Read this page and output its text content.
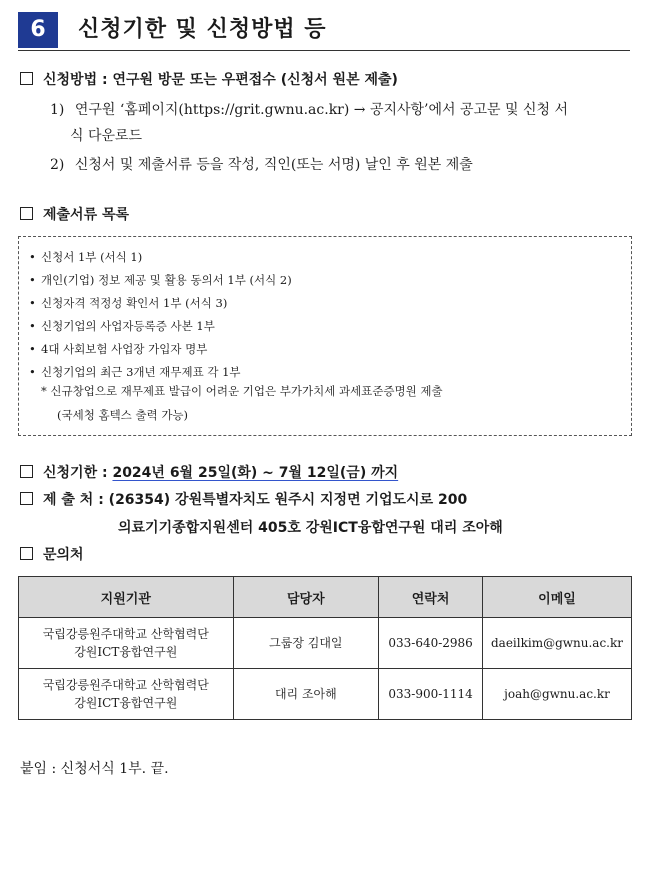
6	신청기한 및 신청방법 등
신청방법 : 연구원 방문 또는 우편접수 (신청서 원본 제출)
1) 연구원 ‘홈페이지(https://grit.gwnu.ac.kr) → 공지사항’에서 공고문 및 신청 서
식 다운로드
2) 신청서 및 제출서류 등을 작성, 직인(또는 서명) 날인 후 원본 제출
제출서류 목록
• 신청서 1부 (서식 1)
• 개인(기업) 정보 제공 및 활용 동의서 1부 (서식 2)
• 신청자격 적정성 확인서 1부 (서식 3)
• 신청기업의 사업자등록증 사본 1부
• 4대 사회보험 사업장 가입자 명부
• 신청기업의 최근 3개년 재무제표 각 1부
* 신규창업으로 재무제표 발급이 어려운 기업은 부가가치세 과세표준증명원 제출
(국세청 홈텍스 출력 가능)
신청기한 : 2024년 6월 25일(화) ~ 7월 12일(금) 까지
제 출 처 : (26354) 강원특별자치도 원주시 지정면 기업도시로 200
의료기기종합지원센터 405호 강원ICT융합연구원 대리 조아해
문의처
지원기관	담당자	연락처	이메일
국립강릉원주대학교 산학협력단
강원ICT융합연구원	그룹장 김대일	033-640-2986	daeilkim@gwnu.ac.kr
국립강릉원주대학교 산학협력단
강원ICT융합연구원	대리 조아해	033-900-1114	joah@gwnu.ac.kr
붙임 : 신청서식 1부. 끝.
